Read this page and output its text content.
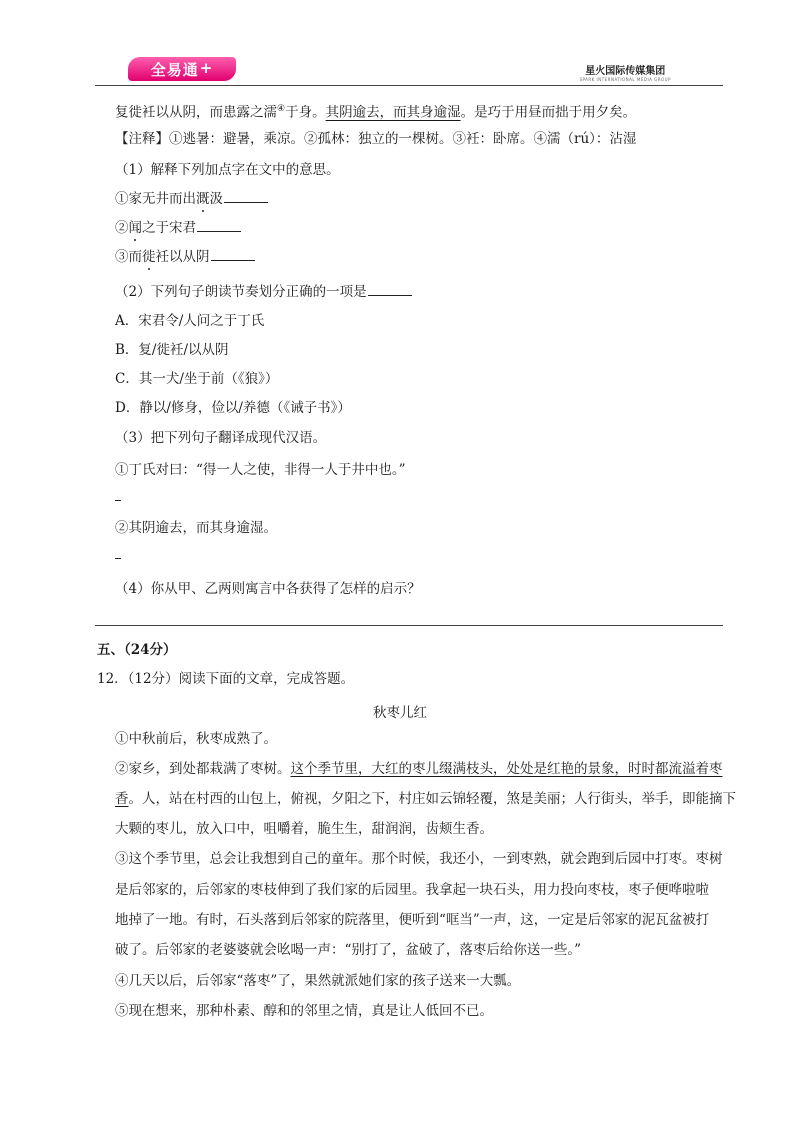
全易通+	星火国际传媒集团
SPARK INTERNATIONAL MEDIA GROUP
复徙衽以从阴，而患露之濡④于身。其阴逾去，而其身逾湿。是巧于用昼而拙于用夕矣。
【注释】①逃暑：避暑，乘凉。②孤林：独立的一棵树。③衽：卧席。④濡（rú）：沾湿
（1）解释下列加点字在文中的意思。
①家无井而出溉汲
②闻之于宋君
③而徙衽以从阴
（2）下列句子朗读节奏划分正确的一项是
A．宋君令/人问之于丁氏
B．复/徙衽/以从阴
C．其一犬/坐于前（《狼》）
D．静以/修身，俭以/养德（《诫子书》）
（3）把下列句子翻译成现代汉语。
①丁氏对曰：“得一人之使，非得一人于井中也。”
②其阴逾去，而其身逾湿。
（4）你从甲、乙两则寓言中各获得了怎样的启示？
五、（24分）
12．（12分）阅读下面的文章，完成答题。
秋枣儿红
①中秋前后，秋枣成熟了。
②家乡，到处都栽满了枣树。这个季节里，大红的枣儿缀满枝头，处处是红艳的景象，时时都流溢着枣
香。人，站在村西的山包上，俯视，夕阳之下，村庄如云锦轻覆，煞是美丽；人行街头，举手，即能摘下
大颗的枣儿，放入口中，咀嚼着，脆生生，甜润润，齿颊生香。
③这个季节里，总会让我想到自己的童年。那个时候，我还小，一到枣熟，就会跑到后园中打枣。枣树
是后邻家的，后邻家的枣枝伸到了我们家的后园里。我拿起一块石头，用力投向枣枝，枣子便哗啦啦
地掉了一地。有时，石头落到后邻家的院落里，便听到“哐当”一声，这，一定是后邻家的泥瓦盆被打
破了。后邻家的老婆婆就会吆喝一声：“别打了，盆破了，落枣后给你送一些。”
④几天以后，后邻家“落枣”了，果然就派她们家的孩子送来一大瓢。
⑤现在想来，那种朴素、醇和的邻里之情，真是让人低回不已。
